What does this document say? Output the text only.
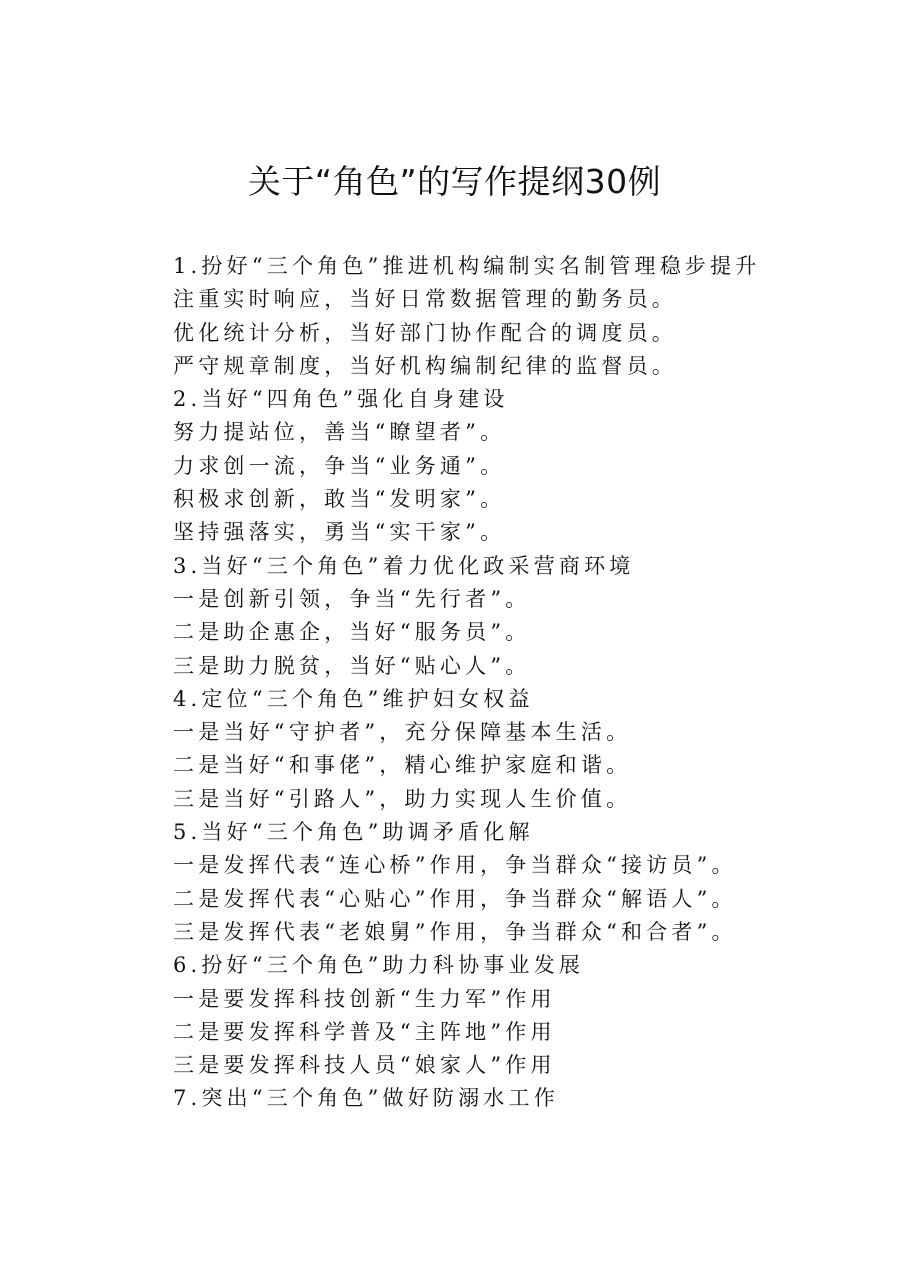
关于“角色”的写作提纲30例
1.扮好“三个角色”推进机构编制实名制管理稳步提升
注重实时响应，当好日常数据管理的勤务员。
优化统计分析，当好部门协作配合的调度员。
严守规章制度，当好机构编制纪律的监督员。
2.当好“四角色”强化自身建设
努力提站位，善当“瞭望者”。
力求创一流，争当“业务通”。
积极求创新，敢当“发明家”。
坚持强落实，勇当“实干家”。
3.当好“三个角色”着力优化政采营商环境
一是创新引领，争当“先行者”。
二是助企惠企，当好“服务员”。
三是助力脱贫，当好“贴心人”。
4.定位“三个角色”维护妇女权益
一是当好“守护者”，充分保障基本生活。
二是当好“和事佬”，精心维护家庭和谐。
三是当好“引路人”，助力实现人生价值。
5.当好“三个角色”助调矛盾化解
一是发挥代表“连心桥”作用，争当群众“接访员”。
二是发挥代表“心贴心”作用，争当群众“解语人”。
三是发挥代表“老娘舅”作用，争当群众“和合者”。
6.扮好“三个角色”助力科协事业发展
一是要发挥科技创新“生力军”作用
二是要发挥科学普及“主阵地”作用
三是要发挥科技人员“娘家人”作用
7.突出“三个角色”做好防溺水工作
